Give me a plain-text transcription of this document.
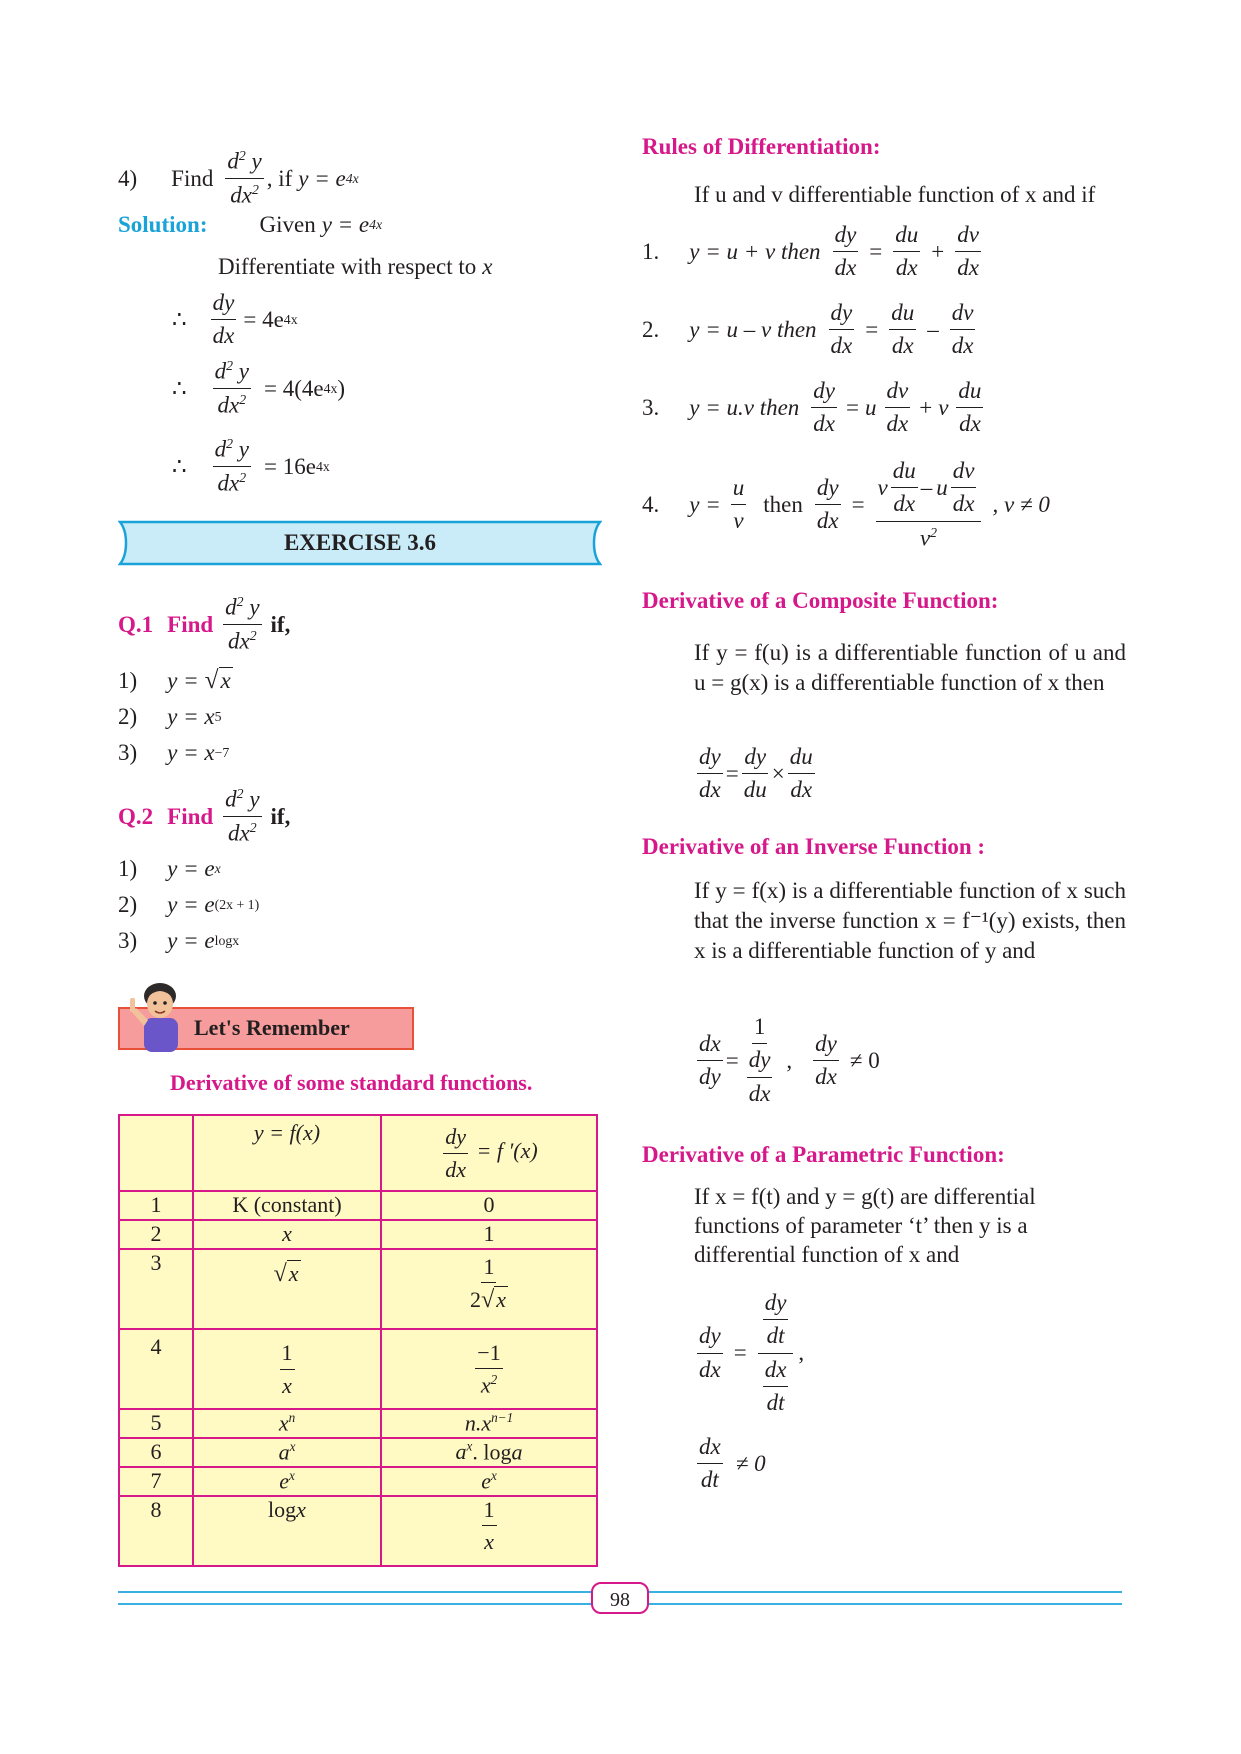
4) Find $\frac{d^2 y}{dx^2}$ , if y = e 4x
Solution: Given y = e 4x
Differentiate with respect to x
∴ $\frac{dy}{dx} = 4e$ 4x
∴ $\frac{d^2 y}{dx^2} = 4(4e$ 4x )
∴ $\frac{d^2 y}{dx^2} = 16e$ 4x
EXERCISE 3.6
Q.1 Find $\frac{d^2 y}{dx^2}$ if,
1) y = √x
2) y = x 5
3) y = x −7
Q.2 Find $\frac{d^2 y}{dx^2}$ if,
1) y = e x
2) y = e (2x + 1)
3) y = e logx
Let's Remember
Derivative of some standard functions.
	y = f(x)	$\frac{dy}{dx} = f$ ′(x)
1	K (constant)	0
2	x	1
3	√x	$\frac{1}{2√x}$

4	$\frac{1}{x}$	$\frac{-1}{x^2}$

5	$x^n$	$n.x^{n-1}$
6	$a^x$	$a^x$. loga
7	$e^x$	$e^x$
8	logx	$\frac{1}{x}$
Rules of Differentiation:
If u and v differentiable function of x and if
1. y = u + v then $\frac{dy}{dx} = \frac{du}{dx} + \frac{dv}{dx}$
2. y = u – v then $\frac{dy}{dx} = \frac{du}{dx} - \frac{dv}{dx}$
3. y = u.v then $\frac{dy}{dx} = u \frac{dv}{dx} + v \frac{du}{dx}$
4. $y = \frac{u}{v}$ then $\frac{dy}{dx} = \frac{v \frac{du}{dx} - u \frac{dv}{dx}}{v^2}$ , v ≠ 0
Derivative of a Composite Function:
If y = f(u) is a differentiable function of u and u = g(x) is a differentiable function of x then
$\frac{dy}{dx} = \frac{dy}{du} \times \frac{du}{dx}$
Derivative of an Inverse Function :
If y = f(x) is a differentiable function of x such that the inverse function x = f⁻¹(y) exists, then x is a differentiable function of y and
$\frac{dx}{dy} = \frac{1}{\frac{dy}{dx}}$ , $\frac{dy}{dx} \ne 0$
Derivative of a Parametric Function:
If x = f(t) and y = g(t) are differential functions of parameter ‘t’ then y is a differential function of x and
$\frac{dy}{dx} = \frac{\frac{dy}{dt}}{\frac{dx}{dt}}$ ,
$\frac{dx}{dt} \ne 0$
98
